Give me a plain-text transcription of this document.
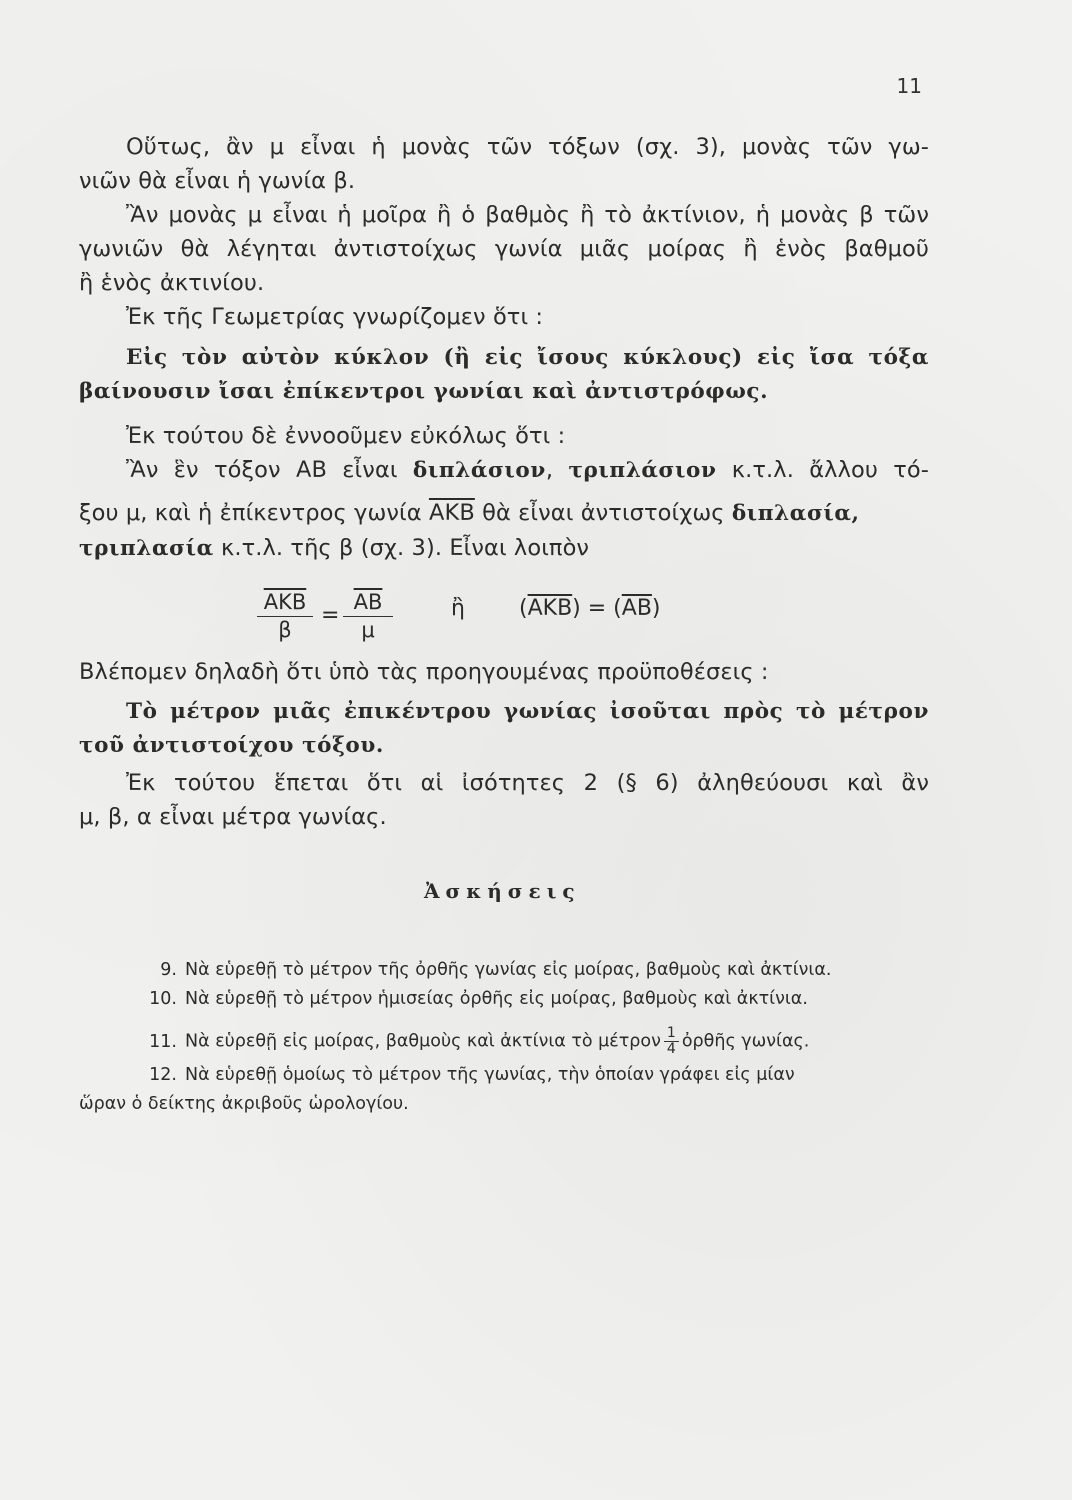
11
Οὕτως, ἂν μ εἶναι ἡ μονὰς τῶν τόξων (σχ. 3), μονὰς τῶν γω-
νιῶν θὰ εἶναι ἡ γωνία β.
Ἂν μονὰς μ εἶναι ἡ μοῖρα ἢ ὁ βαθμὸς ἢ τὸ ἀκτίνιον, ἡ μονὰς β τῶν
γωνιῶν θὰ λέγηται ἀντιστοίχως γωνία μιᾶς μοίρας ἢ ἑνὸς βαθμοῦ
ἢ ἑνὸς ἀκτινίου.
Ἐκ τῆς Γεωμετρίας γνωρίζομεν ὅτι :
Εἰς τὸν αὐτὸν κύκλον (ἢ εἰς ἴσους κύκλους) εἰς ἴσα τόξα
βαίνουσιν ἴσαι ἐπίκεντροι γωνίαι καὶ ἀντιστρόφως.
Ἐκ τούτου δὲ ἐννοοῦμεν εὐκόλως ὅτι :
Ἂν ἓν τόξον ΑΒ εἶναι διπλάσιον, τριπλάσιον κ.τ.λ. ἄλλου τό-
ξου μ, καὶ ἡ ἐπίκεντρος γωνία $\overline{AKB}$ θὰ εἶναι ἀντιστοίχως διπλασία,
τριπλασία κ.τ.λ. τῆς β (σχ. 3). Εἶναι λοιπὸν
$\overline{AKB}$
β
= $\frac{\overline{AB}}{\mu}$	ἢ $(\overline{AKB}) = (\overline{AB})$
Βλέπομεν δηλαδὴ ὅτι ὑπὸ τὰς προηγουμένας προϋποθέσεις :
Τὸ μέτρον μιᾶς ἐπικέντρου γωνίας ἰσοῦται πρὸς τὸ μέτρον
τοῦ ἀντιστοίχου τόξου.
Ἐκ τούτου ἕπεται ὅτι αἱ ἰσότητες 2 (§ 6) ἀληθεύουσι καὶ ἂν
μ, β, α εἶναι μέτρα γωνίας.
Ἀσκήσεις
9. Νὰ εὑρεθῇ τὸ μέτρον τῆς ὀρθῆς γωνίας εἰς μοίρας, βαθμοὺς καὶ ἀκτίνια.
10. Νὰ εὑρεθῇ τὸ μέτρον ἡμισείας ὀρθῆς εἰς μοίρας, βαθμοὺς καὶ ἀκτίνια.
11. Νὰ εὑρεθῇ εἰς μοίρας, βαθμοὺς καὶ ἀκτίνια τὸ μέτρον $\frac{1}{4}$ ὀρθῆς γωνίας.
12. Νὰ εὑρεθῇ ὁμοίως τὸ μέτρον τῆς γωνίας, τὴν ὁποίαν γράφει εἰς μίαν
ὥραν ὁ δείκτης ἀκριβοῦς ὡρολογίου.
